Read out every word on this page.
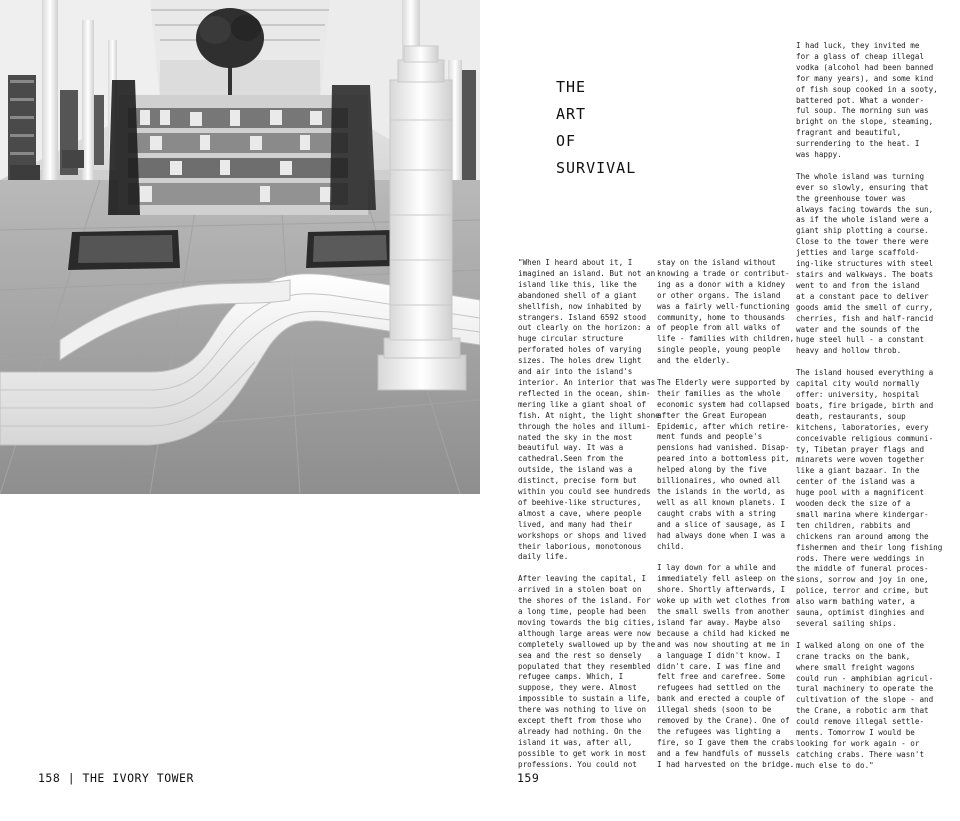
158 | THE IVORY TOWER
THE
ART
OF
SURVIVAL

"When I heard about it, I
imagined an island. But not an
island like this, like the
abandoned shell of a giant
shellfish, now inhabited by
strangers. Island 6592 stood
out clearly on the horizon: a
huge circular structure
perforated holes of varying
sizes. The holes drew light
and air into the island's
interior. An interior that was
reflected in the ocean, shim-
mering like a giant shoal of
fish. At night, the light shone
through the holes and illumi-
nated the sky in the most
beautiful way. It was a
cathedral.Seen from the
outside, the island was a
distinct, precise form but
within you could see hundreds
of beehive-like structures,
almost a cave, where people
lived, and many had their
workshops or shops and lived
their laborious, monotonous
daily life.

After leaving the capital, I
arrived in a stolen boat on
the shores of the island. For
a long time, people had been
moving towards the big cities,
although large areas were now
completely swallowed up by the
sea and the rest so densely
populated that they resembled
refugee camps. Which, I
suppose, they were. Almost
impossible to sustain a life,
there was nothing to live on
except theft from those who
already had nothing. On the
island it was, after all,
possible to get work in most
professions. You could not

stay on the island without
knowing a trade or contribut-
ing as a donor with a kidney
or other organs. The island
was a fairly well-functioning
community, home to thousands
of people from all walks of
life - families with children,
single people, young people
and the elderly.

The Elderly were supported by
their families as the whole
economic system had collapsed
after the Great European
Epidemic, after which retire-
ment funds and people's
pensions had vanished. Disap-
peared into a bottomless pit,
helped along by the five
billionaires, who owned all
the islands in the world, as
well as all known planets. I
caught crabs with a string
and a slice of sausage, as I
had always done when I was a
child.

I lay down for a while and
immediately fell asleep on the
shore. Shortly afterwards, I
woke up with wet clothes from
the small swells from another
island far away. Maybe also
because a child had kicked me
and was now shouting at me in
a language I didn't know. I
didn't care. I was fine and
felt free and carefree. Some
refugees had settled on the
bank and erected a couple of
illegal sheds (soon to be
removed by the Crane). One of
the refugees was lighting a
fire, so I gave them the crabs
and a few handfuls of mussels
I had harvested on the bridge.

I had luck, they invited me
for a glass of cheap illegal
vodka (alcohol had been banned
for many years), and some kind
of fish soup cooked in a sooty,
battered pot. What a wonder-
ful soup. The morning sun was
bright on the slope, steaming,
fragrant and beautiful,
surrendering to the heat. I
was happy.

The whole island was turning
ever so slowly, ensuring that
the greenhouse tower was
always facing towards the sun,
as if the whole island were a
giant ship plotting a course.
Close to the tower there were
jetties and large scaffold-
ing-like structures with steel
stairs and walkways. The boats
went to and from the island
at a constant pace to deliver
goods amid the smell of curry,
cherries, fish and half-rancid
water and the sounds of the
huge steel hull - a constant
heavy and hollow throb.

The island housed everything a
capital city would normally
offer: university, hospital
boats, fire brigade, birth and
death, restaurants, soup
kitchens, laboratories, every
conceivable religious communi-
ty, Tibetan prayer flags and
minarets were woven together
like a giant bazaar. In the
center of the island was a
huge pool with a magnificent
wooden deck the size of a
small marina where kindergar-
ten children, rabbits and
chickens ran around among the
fishermen and their long fishing
rods. There were weddings in
the middle of funeral proces-
sions, sorrow and joy in one,
police, terror and crime, but
also warm bathing water, a
sauna, optimist dinghies and
several sailing ships.

I walked along on one of the
crane tracks on the bank,
where small freight wagons
could run - amphibian agricul-
tural machinery to operate the
cultivation of the slope - and
the Crane, a robotic arm that
could remove illegal settle-
ments. Tomorrow I would be
looking for work again - or
catching crabs. There wasn't
much else to do."

159
